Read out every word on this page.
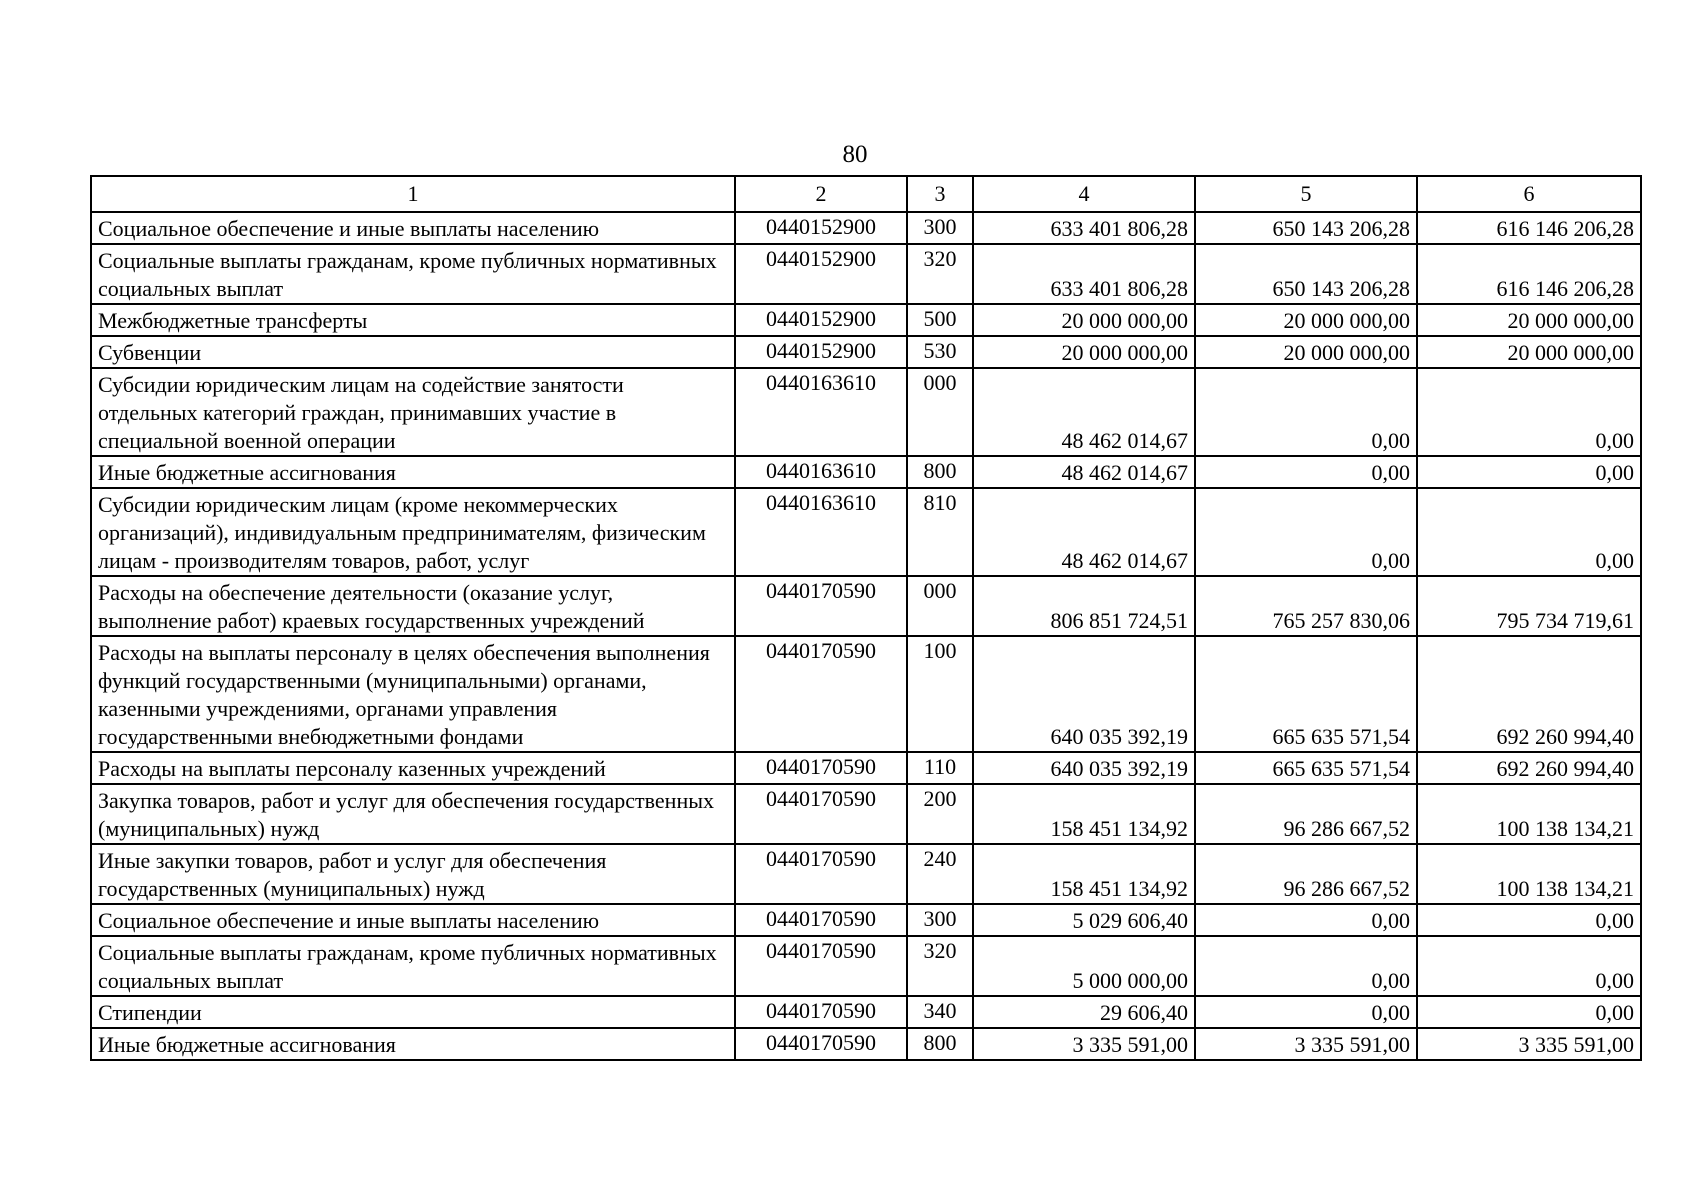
80
1	2	3	4	5	6
Социальное обеспечение и иные выплаты населению	0440152900	300	633 401 806,28	650 143 206,28	616 146 206,28
Социальные выплаты гражданам, кроме публичных нормативных социальных выплат	0440152900	320	633 401 806,28	650 143 206,28	616 146 206,28
Межбюджетные трансферты	0440152900	500	20 000 000,00	20 000 000,00	20 000 000,00
Субвенции	0440152900	530	20 000 000,00	20 000 000,00	20 000 000,00
Субсидии юридическим лицам на содействие занятости отдельных категорий граждан, принимавших участие в специальной военной операции	0440163610	000	48 462 014,67	0,00	0,00
Иные бюджетные ассигнования	0440163610	800	48 462 014,67	0,00	0,00
Субсидии юридическим лицам (кроме некоммерческих организаций), индивидуальным предпринимателям, физическим лицам - производителям товаров, работ, услуг	0440163610	810	48 462 014,67	0,00	0,00
Расходы на обеспечение деятельности (оказание услуг, выполнение работ) краевых государственных учреждений	0440170590	000	806 851 724,51	765 257 830,06	795 734 719,61
Расходы на выплаты персоналу в целях обеспечения выполнения функций государственными (муниципальными) органами, казенными учреждениями, органами управления государственными внебюджетными фондами	0440170590	100	640 035 392,19	665 635 571,54	692 260 994,40
Расходы на выплаты персоналу казенных учреждений	0440170590	110	640 035 392,19	665 635 571,54	692 260 994,40
Закупка товаров, работ и услуг для обеспечения государственных (муниципальных) нужд	0440170590	200	158 451 134,92	96 286 667,52	100 138 134,21
Иные закупки товаров, работ и услуг для обеспечения государственных (муниципальных) нужд	0440170590	240	158 451 134,92	96 286 667,52	100 138 134,21
Социальное обеспечение и иные выплаты населению	0440170590	300	5 029 606,40	0,00	0,00
Социальные выплаты гражданам, кроме публичных нормативных социальных выплат	0440170590	320	5 000 000,00	0,00	0,00
Стипендии	0440170590	340	29 606,40	0,00	0,00
Иные бюджетные ассигнования	0440170590	800	3 335 591,00	3 335 591,00	3 335 591,00
